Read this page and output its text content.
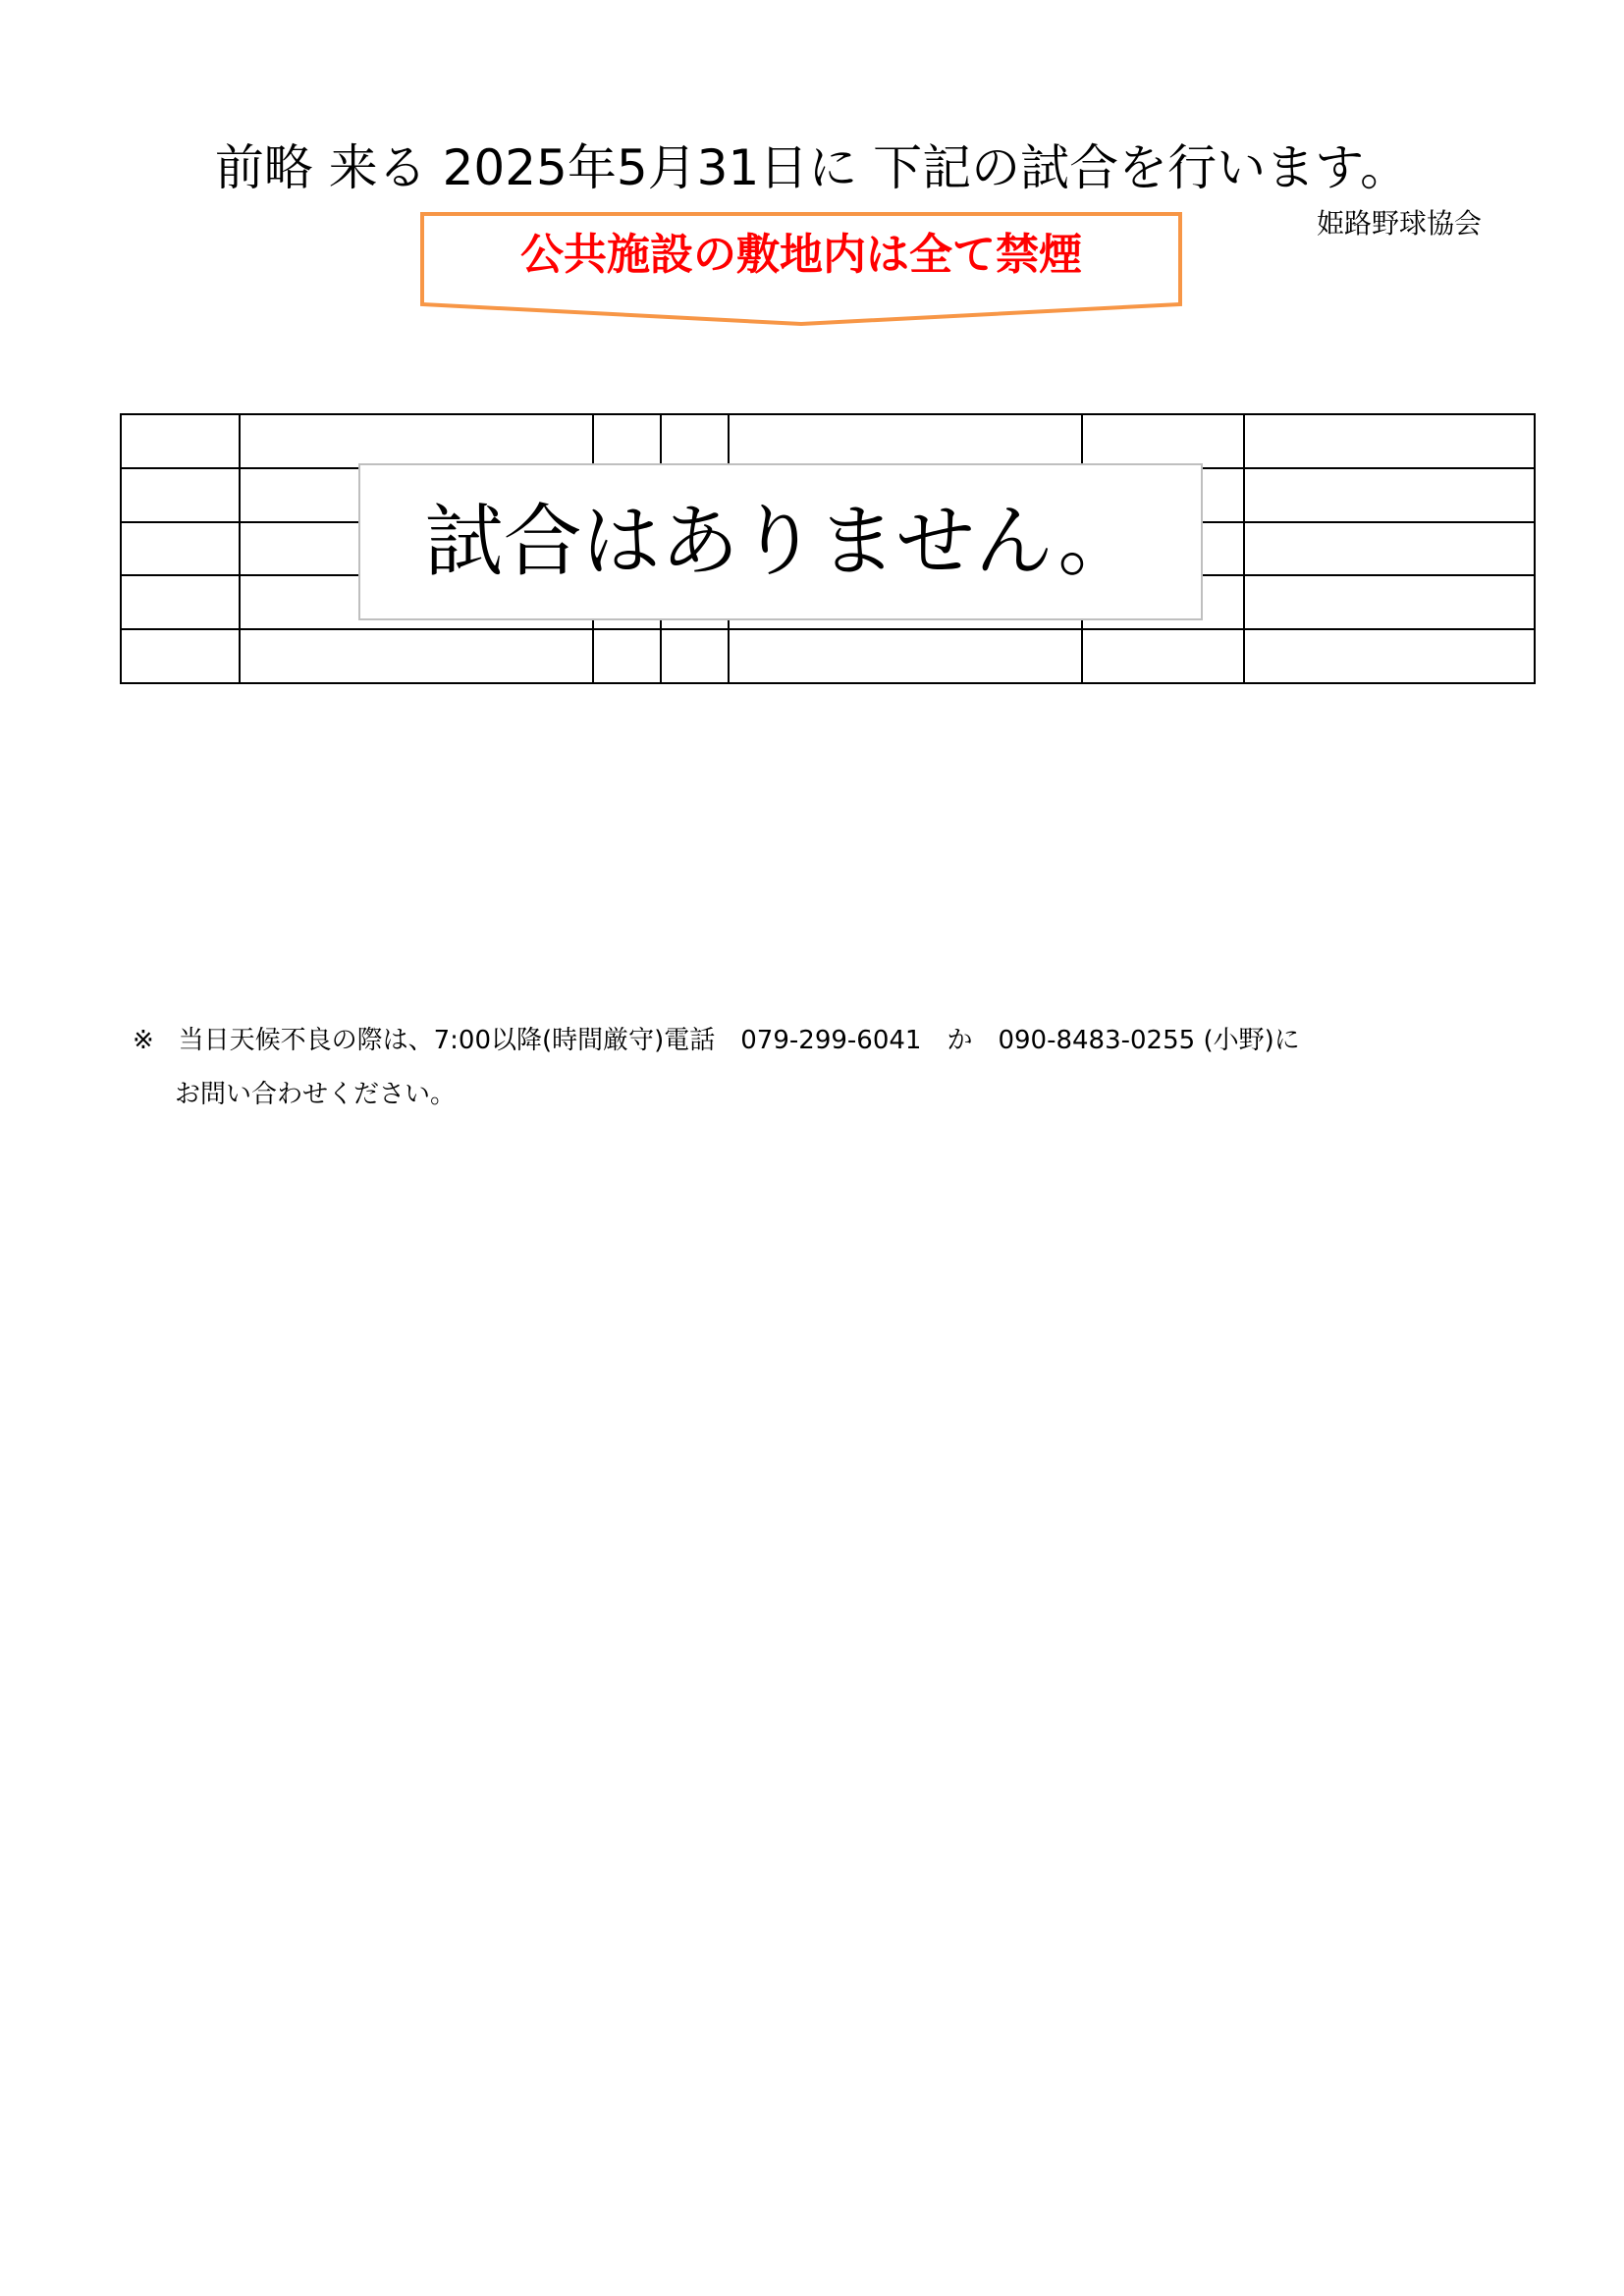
前略 来る 2025年5月31日に 下記の試合を行います。
姫路野球協会
公共施設の敷地内は全て禁煙

試合はありません。
※ 当日天候不良の際は、7:00以降(時間厳守)電話　079-299-6041　か　090-8483-0255 (小野)に
お問い合わせください。
